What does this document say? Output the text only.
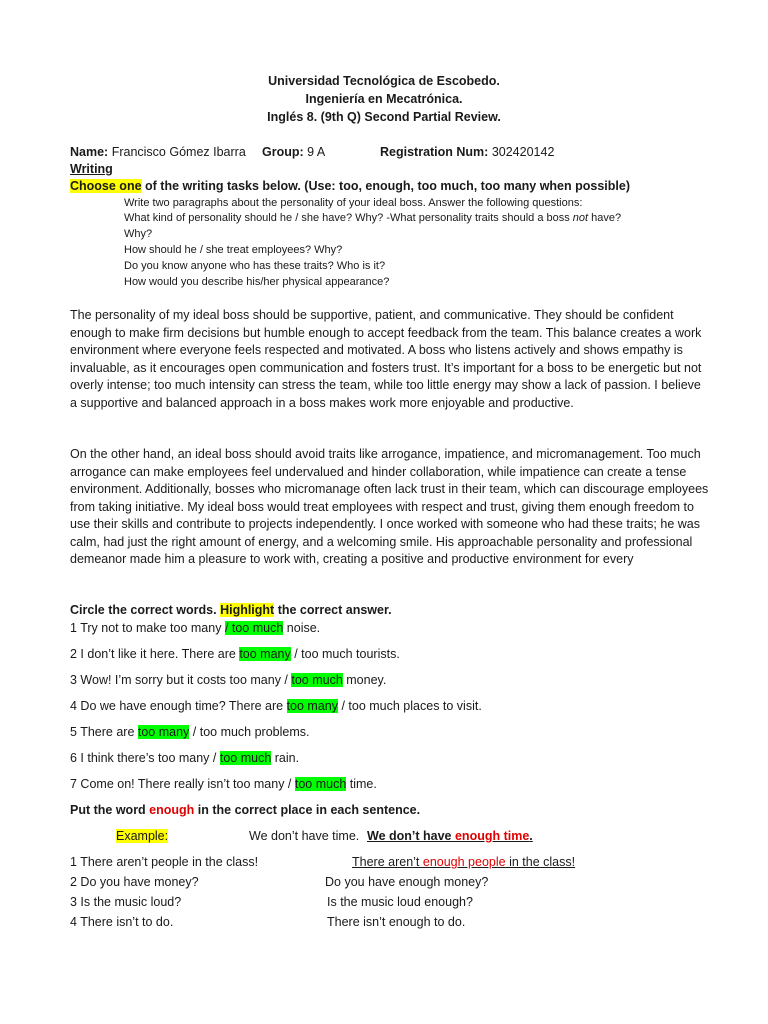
Universidad Tecnológica de Escobedo.
Ingeniería en Mecatrónica.
Inglés 8. (9th Q) Second Partial Review.
Name: Francisco Gómez Ibarra Group: 9 A	Registration Num: 302420142
Writing
Choose one of the writing tasks below. (Use: too, enough, too much, too many when possible)
Write two paragraphs about the personality of your ideal boss. Answer the following questions:
What kind of personality should he / she have? Why? -What personality traits should a boss not have?
Why?
How should he / she treat employees? Why?
Do you know anyone who has these traits? Who is it?
How would you describe his/her physical appearance?

The personality of my ideal boss should be supportive, patient, and communicative. They should be confident enough to make firm decisions but humble enough to accept feedback from the team. This balance creates a work environment where everyone feels respected and motivated. A boss who listens actively and shows empathy is invaluable, as it encourages open communication and fosters trust. It’s important for a boss to be energetic but not overly intense; too much intensity can stress the team, while too little energy may show a lack of passion. I believe a supportive and balanced approach in a boss makes work more enjoyable and productive.

On the other hand, an ideal boss should avoid traits like arrogance, impatience, and micromanagement. Too much arrogance can make employees feel undervalued and hinder collaboration, while impatience can create a tense environment. Additionally, bosses who micromanage often lack trust in their team, which can discourage employees from taking initiative. My ideal boss would treat employees with respect and trust, giving them enough freedom to use their skills and contribute to projects independently. I once worked with someone who had these traits; he was calm, had just the right amount of energy, and a welcoming smile. His approachable personality and professional demeanor made him a pleasure to work with, creating a positive and productive environment for every

Circle the correct words. Highlight the correct answer.
1 Try not to make too many / too much noise.
2 I don’t like it here. There are too many / too much tourists.
3 Wow! I’m sorry but it costs too many / too much money.
4 Do we have enough time? There are too many / too much places to visit.
5 There are too many / too much problems.
6 I think there’s too many / too much rain.
7 Come on! There really isn’t too many / too much time.
Put the word enough in the correct place in each sentence.
Example:	We don’t have time. We don’t have enough time.
1 There aren’t people in the class!	There aren’t enough people in the class!
2 Do you have money?	Do you have enough money?
3 Is the music loud?	Is the music loud enough?
4 There isn’t to do.	There isn’t enough to do.
